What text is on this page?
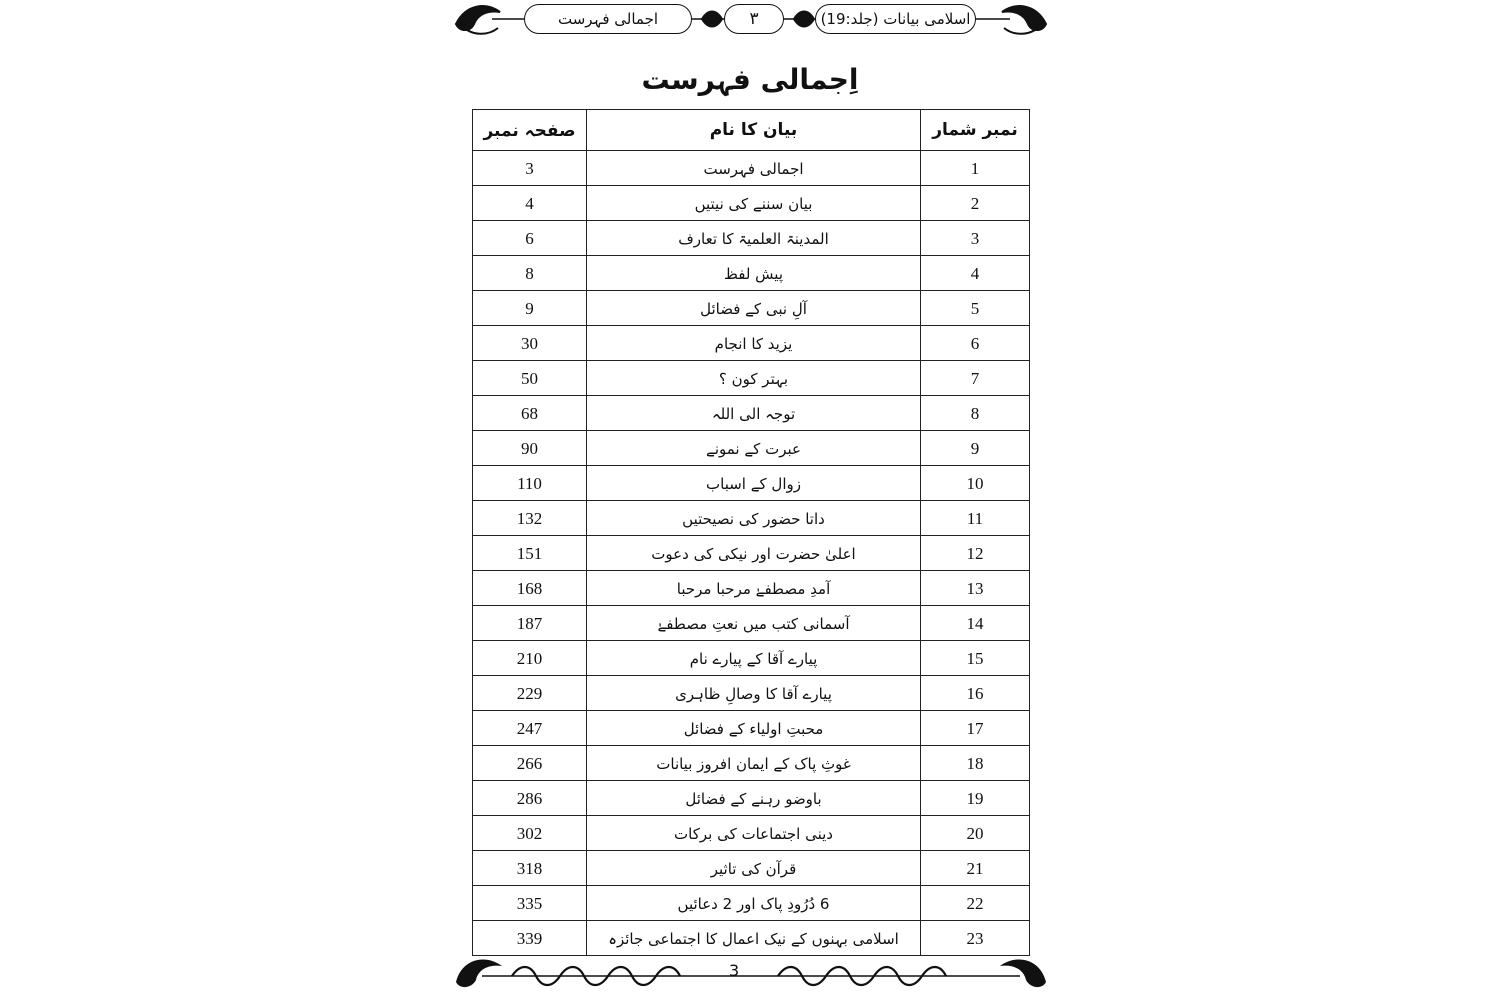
اجمالی فہرست	۳	اسلامی بیانات (جلد:19)
اِجمالی فہرست
صفحہ نمبر	بیان کا نام	نمبر شمار
3	اجمالی فہرست	1
4	بیان سننے کی نیتیں	2
6	المدینۃ العلمیۃ کا تعارف	3
8	پیش لفظ	4
9	آلِ نبی کے فضائل	5
30	یزید کا انجام	6
50	بہتر کون ؟	7
68	توجہ الی اللہ	8
90	عبرت کے نمونے	9
110	زوال کے اسباب	10
132	داتا حضور کی نصیحتیں	11
151	اعلیٰ حضرت اور نیکی کی دعوت	12
168	آمدِ مصطفےٰ مرحبا مرحبا	13
187	آسمانی کتب میں نعتِ مصطفےٰ	14
210	پیارے آقا کے پیارے نام	15
229	پیارے آقا کا وصالِ ظاہری	16
247	محبتِ اولیاء کے فضائل	17
266	غوثِ پاک کے ایمان افروز بیانات	18
286	باوضو رہنے کے فضائل	19
302	دینی اجتماعات کی برکات	20
318	قرآن کی تاثیر	21
335	6 دُرُودِ پاک اور 2 دعائیں	22
339	اسلامی بہنوں کے نیک اعمال کا اجتماعی جائزہ	23
3
